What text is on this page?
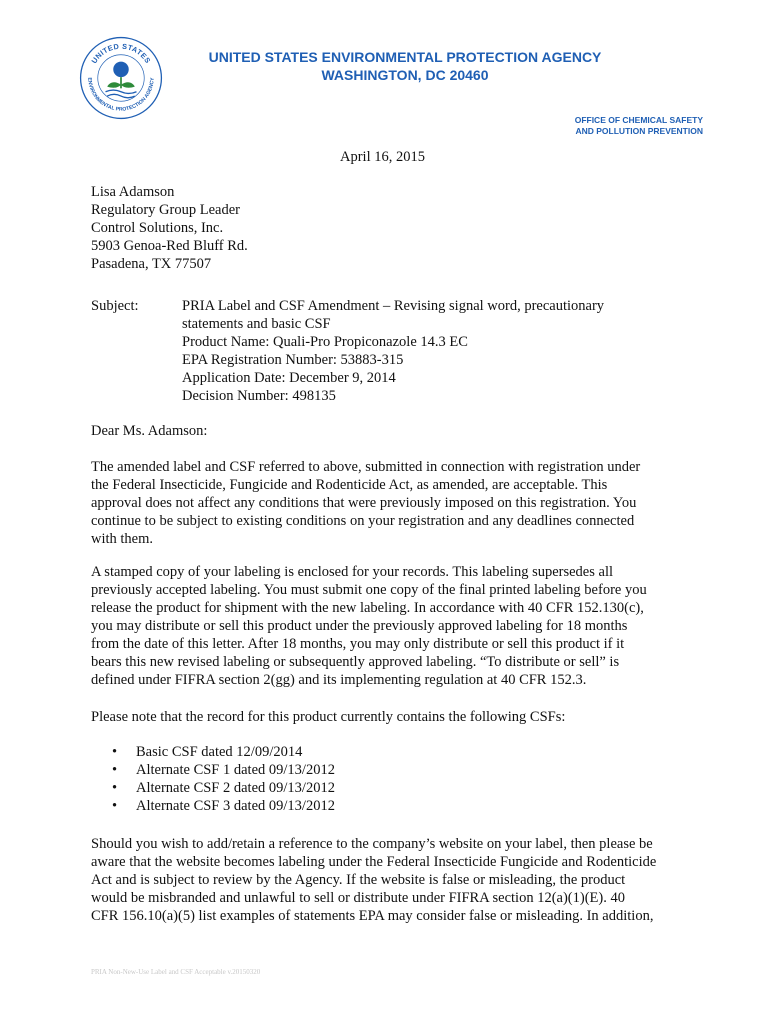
UNITED STATES
ENVIRONMENTAL PROTECTION AGENCY
UNITED STATES ENVIRONMENTAL PROTECTION AGENCY
WASHINGTON, DC 20460
OFFICE OF CHEMICAL SAFETY
AND POLLUTION PREVENTION
April 16, 2015
Lisa Adamson
Regulatory Group Leader
Control Solutions, Inc.
5903 Genoa-Red Bluff Rd.
Pasadena, TX 77507
Subject:	PRIA Label and CSF Amendment – Revising signal word, precautionary
statements and basic CSF
Product Name: Quali-Pro Propiconazole 14.3 EC
EPA Registration Number: 53883-315
Application Date: December 9, 2014
Decision Number: 498135
Dear Ms. Adamson:
The amended label and CSF referred to above, submitted in connection with registration under
the Federal Insecticide, Fungicide and Rodenticide Act, as amended, are acceptable. This
approval does not affect any conditions that were previously imposed on this registration. You
continue to be subject to existing conditions on your registration and any deadlines connected
with them.
A stamped copy of your labeling is enclosed for your records. This labeling supersedes all
previously accepted labeling. You must submit one copy of the final printed labeling before you
release the product for shipment with the new labeling. In accordance with 40 CFR 152.130(c),
you may distribute or sell this product under the previously approved labeling for 18 months
from the date of this letter. After 18 months, you may only distribute or sell this product if it
bears this new revised labeling or subsequently approved labeling. “To distribute or sell” is
defined under FIFRA section 2(gg) and its implementing regulation at 40 CFR 152.3.
Please note that the record for this product currently contains the following CSFs:
• Basic CSF dated 12/09/2014
• Alternate CSF 1 dated 09/13/2012
• Alternate CSF 2 dated 09/13/2012
• Alternate CSF 3 dated 09/13/2012
Should you wish to add/retain a reference to the company’s website on your label, then please be
aware that the website becomes labeling under the Federal Insecticide Fungicide and Rodenticide
Act and is subject to review by the Agency. If the website is false or misleading, the product
would be misbranded and unlawful to sell or distribute under FIFRA section 12(a)(1)(E). 40
CFR 156.10(a)(5) list examples of statements EPA may consider false or misleading. In addition,
PRIA Non-New-Use Label and CSF Acceptable v.20150320
